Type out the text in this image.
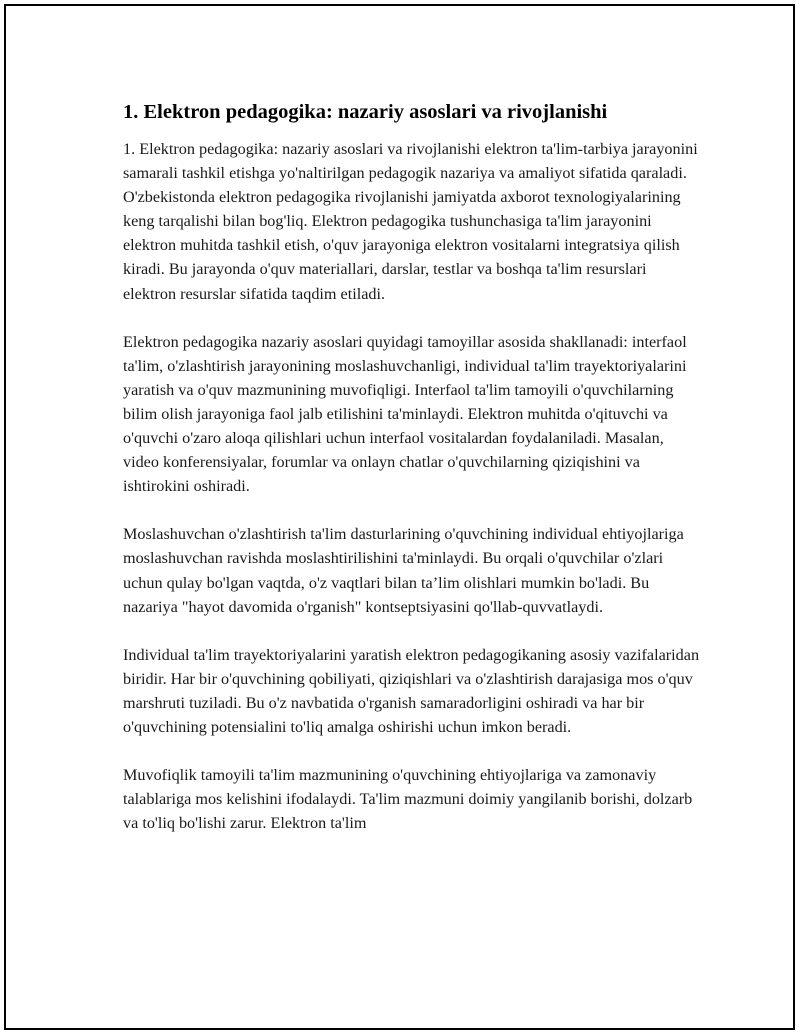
1. Elektron pedagogika: nazariy asoslari va rivojlanishi

1. Elektron pedagogika: nazariy asoslari va rivojlanishi elektron ta'lim-tarbiya jarayonini samarali tashkil etishga yo'naltirilgan pedagogik nazariya va amaliyot sifatida qaraladi. O'zbekistonda elektron pedagogika rivojlanishi jamiyatda axborot texnologiyalarining keng tarqalishi bilan bog'liq. Elektron pedagogika tushunchasiga ta'lim jarayonini elektron muhitda tashkil etish, o'quv jarayoniga elektron vositalarni integratsiya qilish kiradi. Bu jarayonda o'quv materiallari, darslar, testlar va boshqa ta'lim resurslari elektron resurslar sifatida taqdim etiladi.

Elektron pedagogika nazariy asoslari quyidagi tamoyillar asosida shakllanadi: interfaol ta'lim, o'zlashtirish jarayonining moslashuvchanligi, individual ta'lim trayektoriyalarini yaratish va o'quv mazmunining muvofiqligi. Interfaol ta'lim tamoyili o'quvchilarning bilim olish jarayoniga faol jalb etilishini ta'minlaydi. Elektron muhitda o'qituvchi va o'quvchi o'zaro aloqa qilishlari uchun interfaol vositalardan foydalaniladi. Masalan, video konferensiyalar, forumlar va onlayn chatlar o'quvchilarning qiziqishini va ishtirokini oshiradi.

Moslashuvchan o'zlashtirish ta'lim dasturlarining o'quvchining individual ehtiyojlariga moslashuvchan ravishda moslashtirilishini ta'minlaydi. Bu orqali o'quvchilar o'zlari uchun qulay bo'lgan vaqtda, o'z vaqtlari bilan ta’lim olishlari mumkin bo'ladi. Bu nazariya "hayot davomida o'rganish" kontseptsiyasini qo'llab-quvvatlaydi.

Individual ta'lim trayektoriyalarini yaratish elektron pedagogikaning asosiy vazifalaridan biridir. Har bir o'quvchining qobiliyati, qiziqishlari va o'zlashtirish darajasiga mos o'quv marshruti tuziladi. Bu o'z navbatida o'rganish samaradorligini oshiradi va har bir o'quvchining potensialini to'liq amalga oshirishi uchun imkon beradi.

Muvofiqlik tamoyili ta'lim mazmunining o'quvchining ehtiyojlariga va zamonaviy talablariga mos kelishini ifodalaydi. Ta'lim mazmuni doimiy yangilanib borishi, dolzarb va to'liq bo'lishi zarur. Elektron ta'lim
